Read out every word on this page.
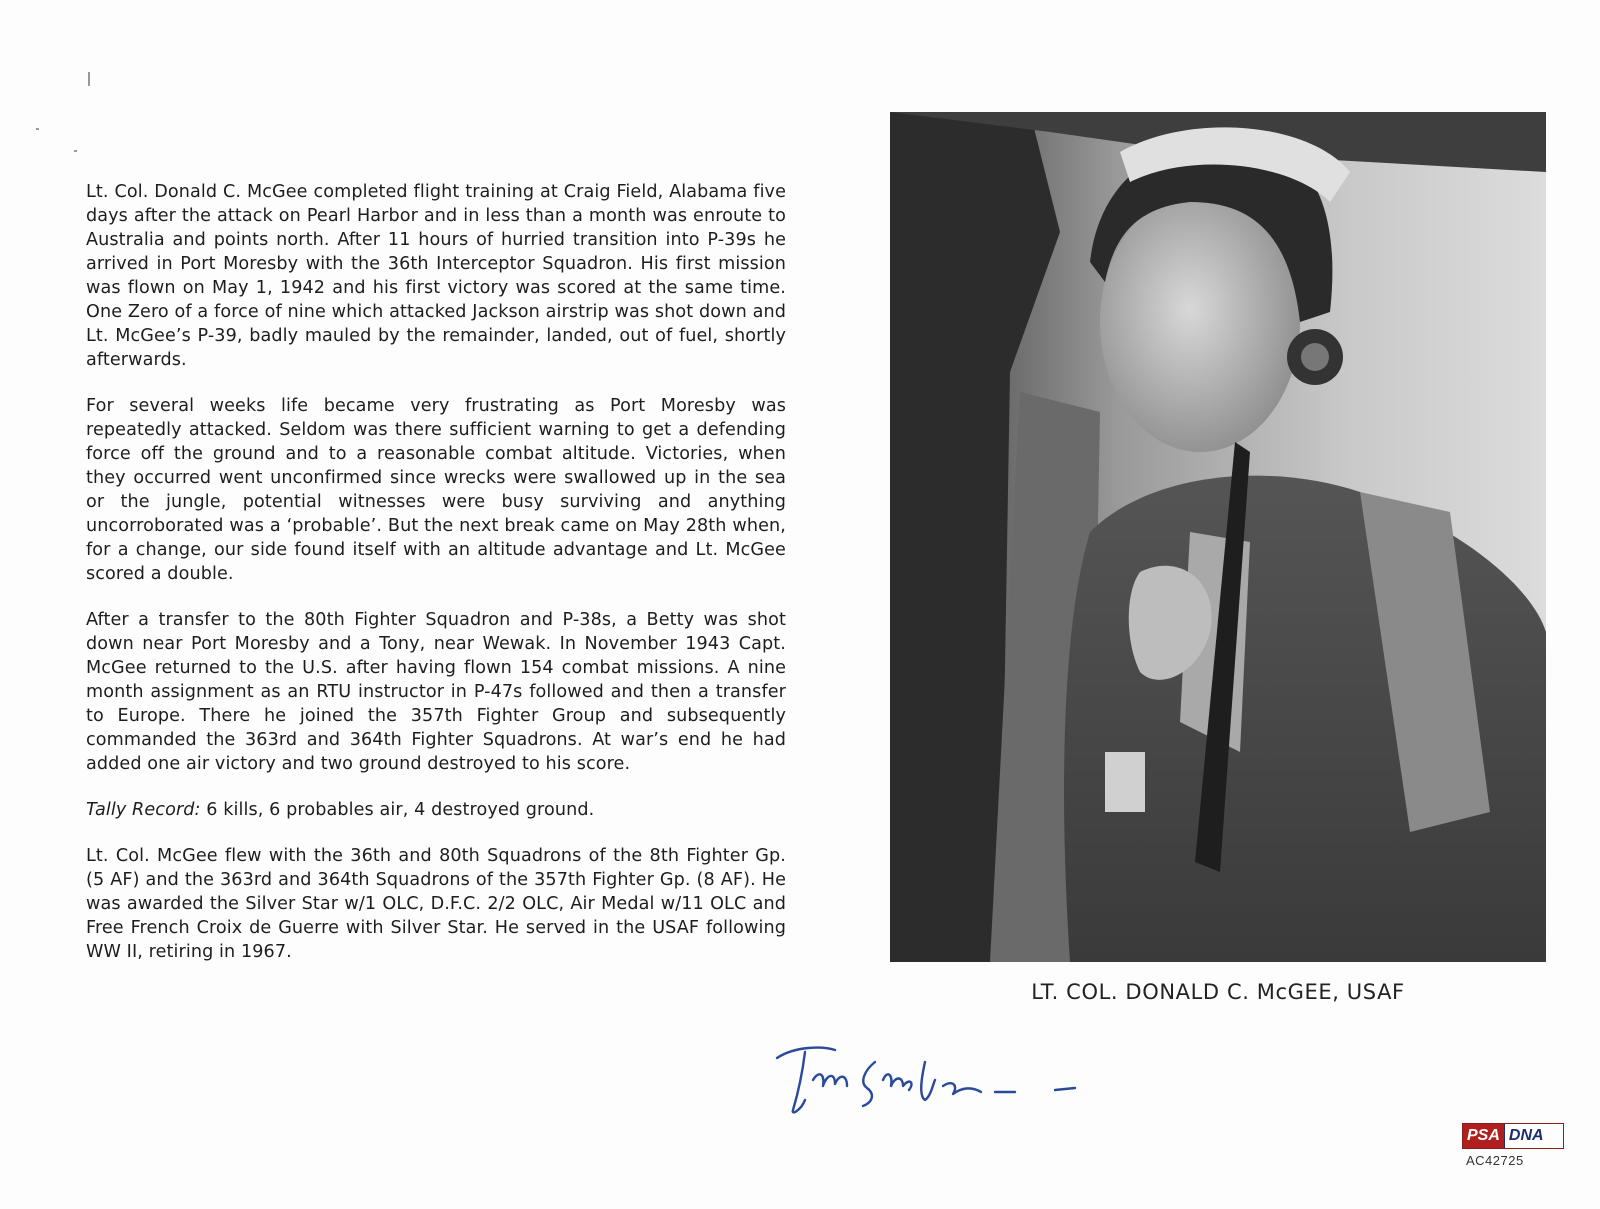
Lt. Col. Donald C. McGee completed flight training at Craig Field, Alabama five days after the attack on Pearl Harbor and in less than a month was enroute to Australia and points north. After 11 hours of hurried transition into P-39s he arrived in Port Moresby with the 36th Interceptor Squadron. His first mission was flown on May 1, 1942 and his first victory was scored at the same time. One Zero of a force of nine which attacked Jackson airstrip was shot down and Lt. McGee’s P-39, badly mauled by the remainder, landed, out of fuel, shortly afterwards.

For several weeks life became very frustrating as Port Moresby was repeatedly attacked. Seldom was there sufficient warning to get a defending force off the ground and to a reasonable combat altitude. Victories, when they occurred went unconfirmed since wrecks were swallowed up in the sea or the jungle, potential witnesses were busy surviving and anything uncorroborated was a ‘probable’. But the next break came on May 28th when, for a change, our side found itself with an altitude advantage and Lt. McGee scored a double.

After a transfer to the 80th Fighter Squadron and P-38s, a Betty was shot down near Port Moresby and a Tony, near Wewak. In November 1943 Capt. McGee returned to the U.S. after having flown 154 combat missions. A nine month assignment as an RTU instructor in P-47s followed and then a transfer to Europe. There he joined the 357th Fighter Group and subsequently commanded the 363rd and 364th Fighter Squadrons. At war’s end he had added one air victory and two ground destroyed to his score.

Tally Record: 6 kills, 6 probables air, 4 destroyed ground.

Lt. Col. McGee flew with the 36th and 80th Squadrons of the 8th Fighter Gp. (5 AF) and the 363rd and 364th Squadrons of the 357th Fighter Gp. (8 AF). He was awarded the Silver Star w/1 OLC, D.F.C. 2/2 OLC, Air Medal w/11 OLC and Free French Croix de Guerre with Silver Star. He served in the USAF following WW II, retiring in 1967.

LT. COL. DONALD C. McGEE, USAF
PSA DNA
AC42725
